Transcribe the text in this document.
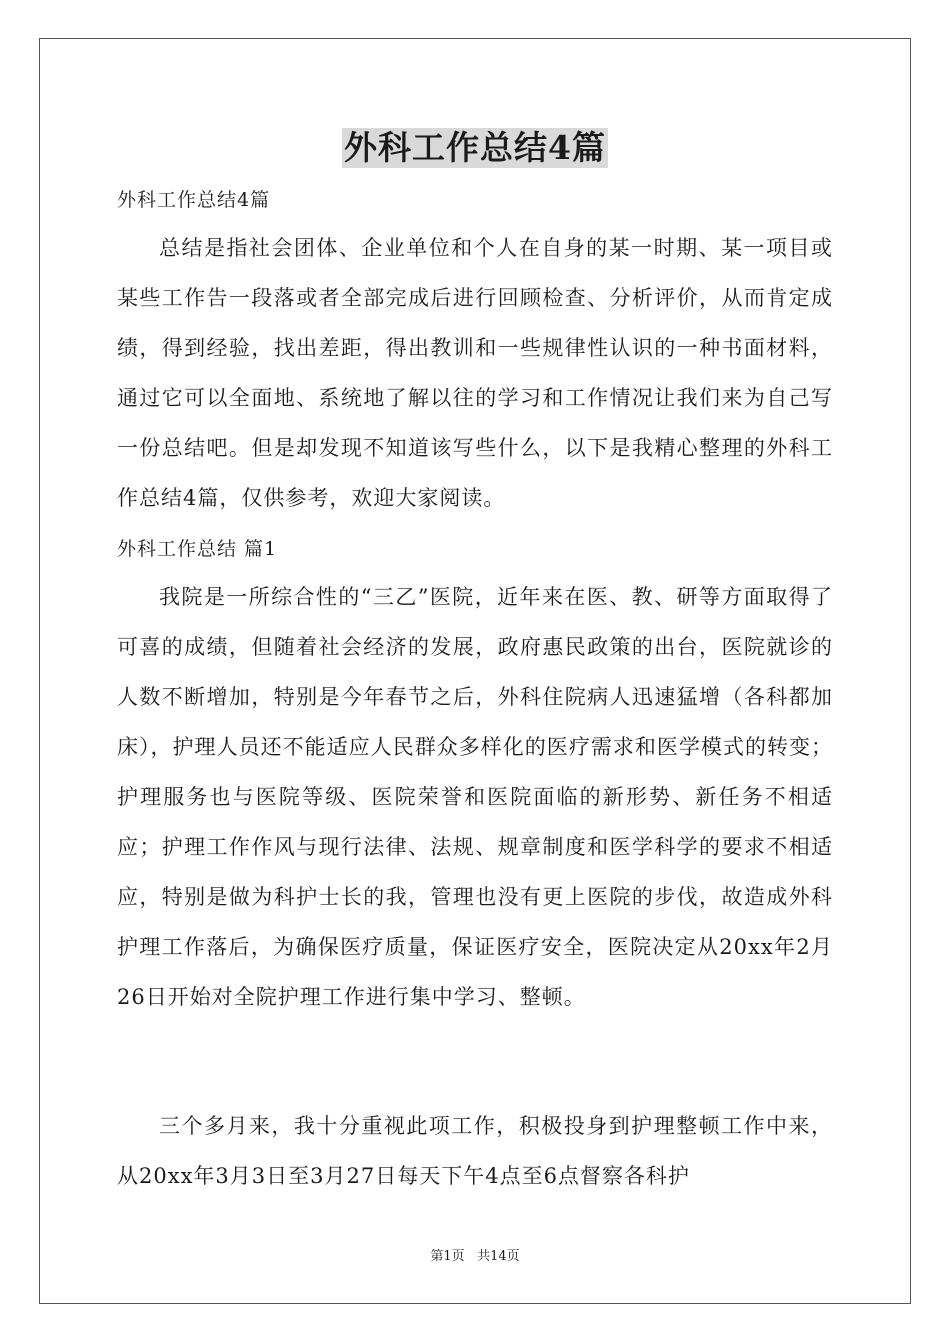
外科工作总结4篇
外科工作总结4篇

总结是指社会团体、企业单位和个人在自身的某一时期、某一项目或某些工作告一段落或者全部完成后进行回顾检查、分析评价，从而肯定成绩，得到经验，找出差距，得出教训和一些规律性认识的一种书面材料，通过它可以全面地、系统地了解以往的学习和工作情况让我们来为自己写一份总结吧。但是却发现不知道该写些什么，以下是我精心整理的外科工作总结4篇，仅供参考，欢迎大家阅读。

外科工作总结 篇1

我院是一所综合性的“三乙”医院，近年来在医、教、研等方面取得了可喜的成绩，但随着社会经济的发展，政府惠民政策的出台，医院就诊的人数不断增加，特别是今年春节之后，外科住院病人迅速猛增（各科都加床），护理人员还不能适应人民群众多样化的医疗需求和医学模式的转变；护理服务也与医院等级、医院荣誉和医院面临的新形势、新任务不相适应；护理工作作风与现行法律、法规、规章制度和医学科学的要求不相适应，特别是做为科护士长的我，管理也没有更上医院的步伐，故造成外科护理工作落后，为确保医疗质量，保证医疗安全，医院决定从20xx年2月26日开始对全院护理工作进行集中学习、整顿。

三个多月来，我十分重视此项工作，积极投身到护理整顿工作中来，从20xx年3月3日至3月27日每天下午4点至6点督察各科护

第1页 共14页
